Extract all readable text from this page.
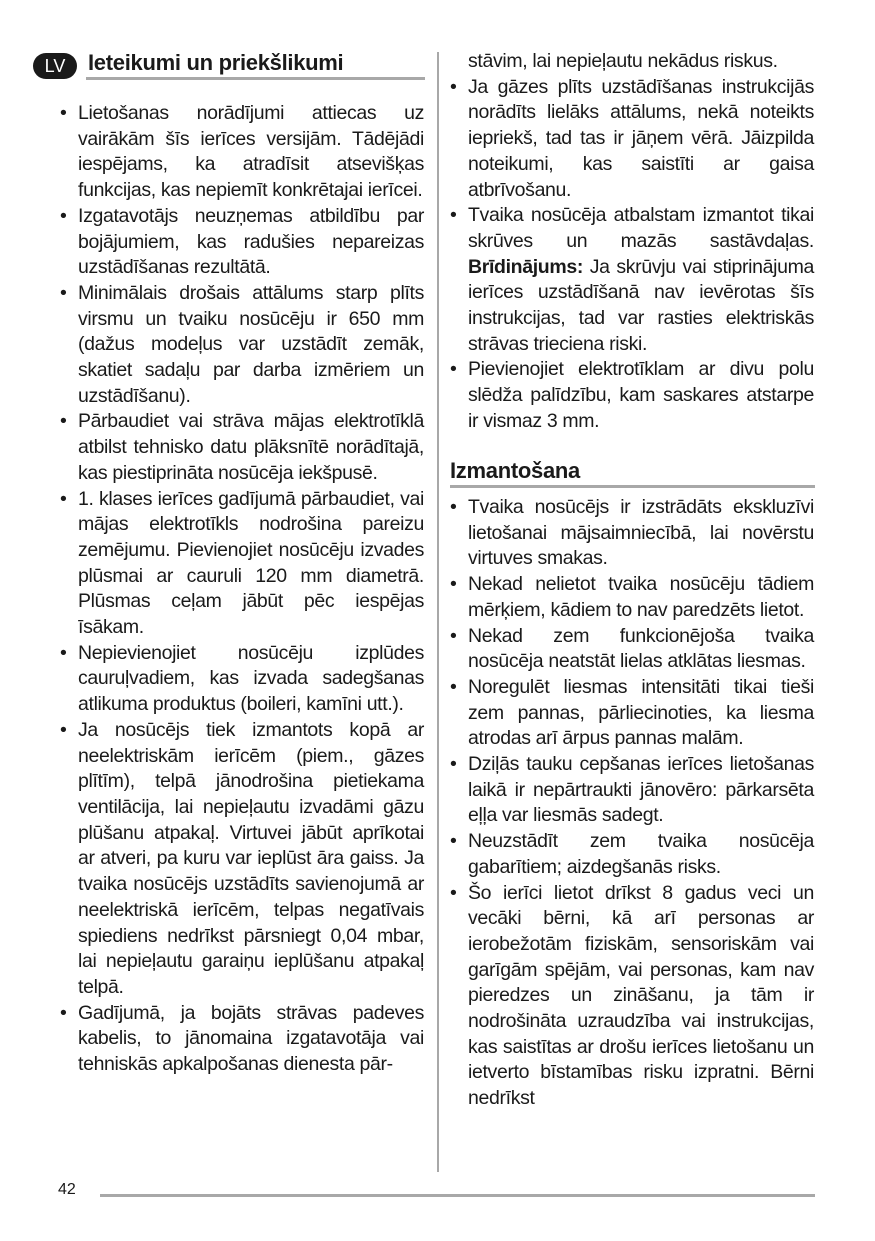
LV	Ieteikumi un priekšlikumi
• Lietošanas norādījumi attiecas uz vairākām šīs ierīces versijām. Tādējādi iespējams, ka atradīsit atsevišķas funkcijas, kas nepiemīt konkrētajai ierīcei.
• Izgatavotājs neuzņemas atbildību par bojājumiem, kas radušies nepareizas uzstādīšanas rezultātā.
• Minimālais drošais attālums starp plīts virsmu un tvaiku nosūcēju ir 650 mm (dažus modeļus var uzstādīt zemāk, skatiet sadaļu par darba izmēriem un uzstādīšanu).
• Pārbaudiet vai strāva mājas elektrotīklā atbilst tehnisko datu plāksnītē norādītajā, kas piestiprināta nosūcēja iekšpusē.
• 1. klases ierīces gadījumā pārbaudiet, vai mājas elektrotīkls nodrošina pareizu zemējumu. Pievienojiet nosūcēju izvades plūsmai ar cauruli 120 mm diametrā. Plūsmas ceļam jābūt pēc iespējas īsākam.
• Nepievienojiet nosūcēju izplūdes cauruļvadiem, kas izvada sadegšanas atlikuma produktus (boileri, kamīni utt.).
• Ja nosūcējs tiek izmantots kopā ar neelektriskām ierīcēm (piem., gāzes plītīm), telpā jānodrošina pietiekama ventilācija, lai nepieļautu izvadāmi gāzu plūšanu atpakaļ. Virtuvei jābūt aprīkotai ar atveri, pa kuru var ieplūst āra gaiss. Ja tvaika nosūcējs uzstādīts savienojumā ar neelektriskā ierīcēm, telpas negatīvais spiediens nedrīkst pārsniegt 0,04 mbar, lai nepieļautu garaiņu ieplūšanu atpakaļ telpā.
• Gadījumā, ja bojāts strāvas padeves kabelis, to jānomaina izgatavotāja vai tehniskās apkalpošanas dienesta pār-
stāvim, lai nepieļautu nekādus riskus.
• Ja gāzes plīts uzstādīšanas instrukcijās norādīts lielāks attālums, nekā noteikts iepriekš, tad tas ir jāņem vērā. Jāizpilda noteikumi, kas saistīti ar gaisa atbrīvošanu.
• Tvaika nosūcēja atbalstam izmantot tikai skrūves un mazās sastāvdaļas. Brīdinājums: Ja skrūvju vai stiprinājuma ierīces uzstādīšanā nav ievērotas šīs instrukcijas, tad var rasties elektriskās strāvas trieciena riski.
• Pievienojiet elektrotīklam ar divu polu slēdža palīdzību, kam saskares atstarpe ir vismaz 3 mm.
Izmantošana
• Tvaika nosūcējs ir izstrādāts ekskluzīvi lietošanai mājsaimniecībā, lai novērstu virtuves smakas.
• Nekad nelietot tvaika nosūcēju tādiem mērķiem, kādiem to nav paredzēts lietot.
• Nekad zem funkcionējoša tvaika nosūcēja neatstāt lielas atklātas liesmas.
• Noregulēt liesmas intensitāti tikai tieši zem pannas, pārliecinoties, ka liesma atrodas arī ārpus pannas malām.
• Dziļās tauku cepšanas ierīces lietošanas laikā ir nepārtraukti jānovēro: pārkarsēta eļļa var liesmās sadegt.
• Neuzstādīt zem tvaika nosūcēja gabarītiem; aizdegšanās risks.
• Šo ierīci lietot drīkst 8 gadus veci un vecāki bērni, kā arī personas ar ierobežotām fiziskām, sensoriskām vai garīgām spējām, vai personas, kam nav pieredzes un zināšanu, ja tām ir nodrošināta uzraudzība vai instrukcijas, kas saistītas ar drošu ierīces lietošanu un ietverto bīstamības risku izpratni. Bērni nedrīkst
42
